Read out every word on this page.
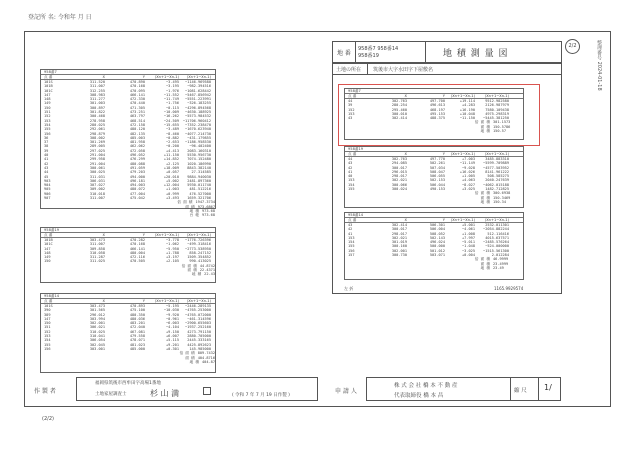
登記所 名: 令和年 月 日
整理番号 2024-01-18
地 番
958番7 958番14
958番19	地 積 測 量 図
2/2
土地の所在 筑後市大字水田字下屋敷名
958番7
点 番	X	Y	(Xn+1−Xn-1)	(Xn+1−Xn-1)
101S	311.520	470.890	−3.495	−1146.969580
101B	311.007	470.168	−3.195	−982.394516
101C	312.255	470.095	−1.976	−1081.628442
147	308.983	466.141	−11.552	−5467.856942
148	311.277	472.330	−11.749	−5551.223991
149	301.003	470.440	−1.756	−326.183255
150	300.897	471.305	−0.115	−4296.894568
151	301.822	473.251	−10.009	−4630.188925
152	300.468	463.797	−16.262	−5573.984532
153	278.958	468.514	−24.509	−11706.960412
154	280.025	472.158	−15.655	−7352.238470
155	292.061	480.120	−3.489	−1670.623940
156	298.879	482.135	−8.460	−4077.214730
36	308.002	485.003	−0.882	−431.179855
37	301.269	481.958	−2.653	−1186.958530
38	289.005	462.062	−0.200	−96.402400
39	297.025	472.058	+4.413	2083.160310
40	291.004	496.052	+11.150	5530.956730
41	299.958	476.299	+14.852	7074.152480
42	291.004	480.088	+2.125	1020.186990
43	300.061	491.059	+18.009	8843.382140
44	300.025	479.203	+0.057	27.314585
45	311.031	494.000	+20.010	9884.940030
903	306.031	496.181	+5.002	2481.897360
904	307.027	494.003	+12.004	5930.011740
905	309.002	480.072	+1.003	481.512216
906	310.018	477.004	+0.999	476.527000
907	311.007	475.042	+3.493	1659.321706
倍 面 積 1947.3734
面 積 973.6867
地 積 973.68
台 帳 973.68
958番19
点 番	X	Y	(Xn+1−Xn-1)	(Xn+1−Xn-1)
101B	303.473	470.282	−3.778	−1776.726396
101C	311.007	470.168	−1.062	−499.318416
147	309.858	466.141	−5.950	−2773.538950
148	310.058	480.004	+1.788	858.247152
149	311.287	472.116	+3.197	1509.354852
150	311.025	470.505	+2.105	990.413025
倍 面 積 44.8742
面 積 22.4371
地 積 22.43
958番14
点 番	X	Y	(Xn+1−Xn-1)	(Xn+1−Xn-1)
101S	303.473	470.893	−5.195	−2446.289135
390	301.565	475.100	−10.030	−4765.253000
389	296.012	480.350	−9.920	−4765.072000
147	303.994	480.036	−0.961	−461.314596
150	302.001	483.201	−6.003	−2900.655603
151	306.021	472.040	−4.104	−1937.252160
152	310.025	467.081	+9.150	4273.791150
153	310.041	479.558	+6.007	2880.705000
154	306.054	478.071	+5.115	2445.333165
155	302.045	481.023	+9.201	4425.892623
156	303.001	485.000	+0.301	145.985000
倍 面 積 809.7432
面 積 404.8716
地 積 404.87
958番7
点 番	X	Y	(Xn+1−Xn-1)	(Xn+1−Xn-1)
44	302.763	497.700	+19.114	9512.982580
39	280.254	496.613	+4.283	2126.987979
152	295.460	468.197	+16.190	7580.109438
153	300.010	495.153	+10.048	4975.298319
43	302.414	488.375	−11.150	−5445.381250
倍 面 積 301.1573
面 積 150.5786
地 積 150.57
958番19
点 番	X	Y	(Xn+1−Xn-1)	(Xn+1−Xn-1)
44	302.763	497.770	+7.003	3485.883310
43	294.085	502.261	−11.149	−5599.709889
42	300.017	507.034	−9.028	−4577.503952
41	296.015	508.047	+16.026	8141.961222
40	298.017	506.055	+1.005	508.585275
153	302.021	502.153	+4.063	2040.247639
154	300.066	506.044	−8.027	−4062.015188
155	300.024	490.153	+3.025	1482.712825
倍 面 積 300.6938
面 積 150.3469
地 積 150.34
958番14
点 番	X	Y	(Xn+1−Xn-1)	(Xn+1−Xn-1)
43	302.414	506.301	+5.001	2532.011301
42	300.017	506.004	−4.061	−2054.882244
41	298.017	508.052	+1.008	512.116416
153	302.021	502.143	+7.997	4015.637571
154	301.019	496.024	−5.011	−2485.576264
155	300.160	500.000	−1.048	−524.000000
156	302.001	501.012	−3.025	−1515.561300
157	300.730	503.071	+0.004	2.012284
倍 面 積 46.9999
面 積 23.4999
地 積 23.49
左 折	1165.9929574
作 製 者
福岡県筑後市西牟田字高場1番地
土地家屋調査士	杉 山 満	( 令和 7 年 7 月 19 日作製 )
申 請 人
株 式 会 社 橋 本 不 動 産
代表取締役 橋 本 昌
縮 尺 1/
(2/2)
